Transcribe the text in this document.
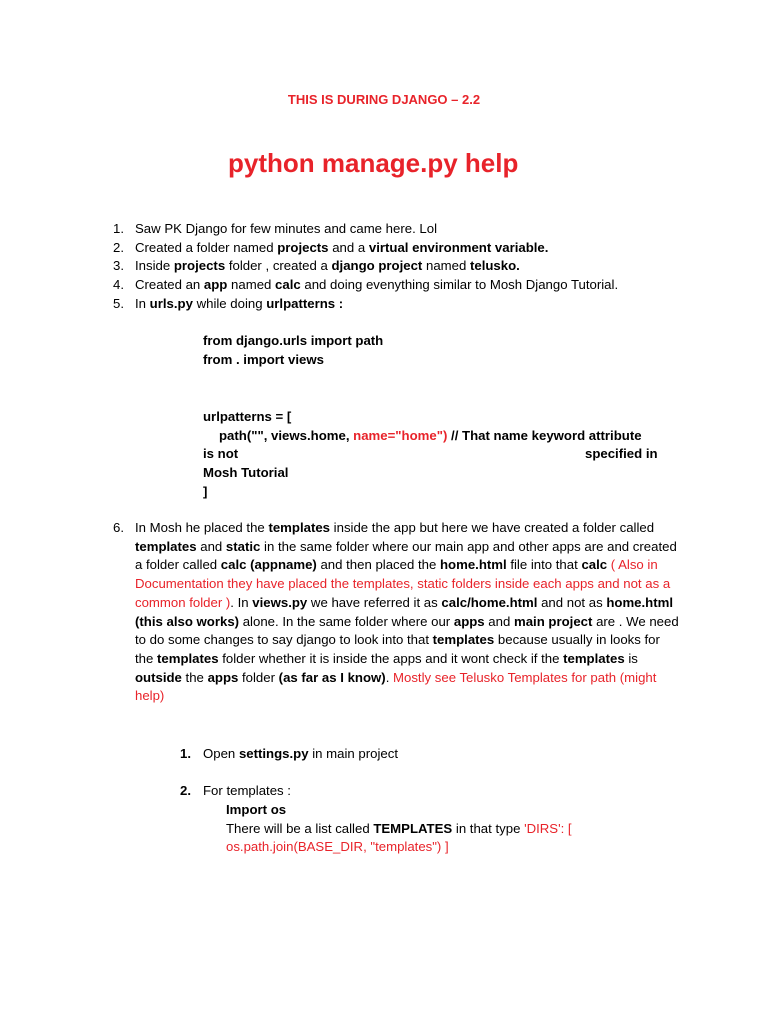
THIS IS DURING DJANGO – 2.2
python manage.py help
1. Saw PK Django for few minutes and came here. Lol
2. Created a folder named projects and a virtual environment variable.
3. Inside projects folder , created a django project named telusko.
4. Created an app named calc and doing evenything similar to Mosh Django Tutorial.
5. In urls.py while doing urlpatterns :
from django.urls import path
from . import views
urlpatterns = [
path("", views.home, name="home") // That name keyword attribute
is not	specified in
Mosh Tutorial
]
6. In Mosh he placed the templates inside the app but here we have created a folder called templates and static in the same folder where our main app and other apps are and created a folder called calc (appname) and then placed the home.html file into that calc ( Also in Documentation they have placed the templates, static folders inside each apps and not as a common folder ). In views.py we have referred it as calc/home.html and not as home.html (this also works) alone. In the same folder where our apps and main project are . We need to do some changes to say django to look into that templates because usually in looks for the templates folder whether it is inside the apps and it wont check if the templates is outside the apps folder (as far as I know). Mostly see Telusko Templates for path (might help)
1. Open settings.py in main project
2. For templates :
Import os
There will be a list called TEMPLATES in that type 'DIRS': [
os.path.join(BASE_DIR, "templates") ]
